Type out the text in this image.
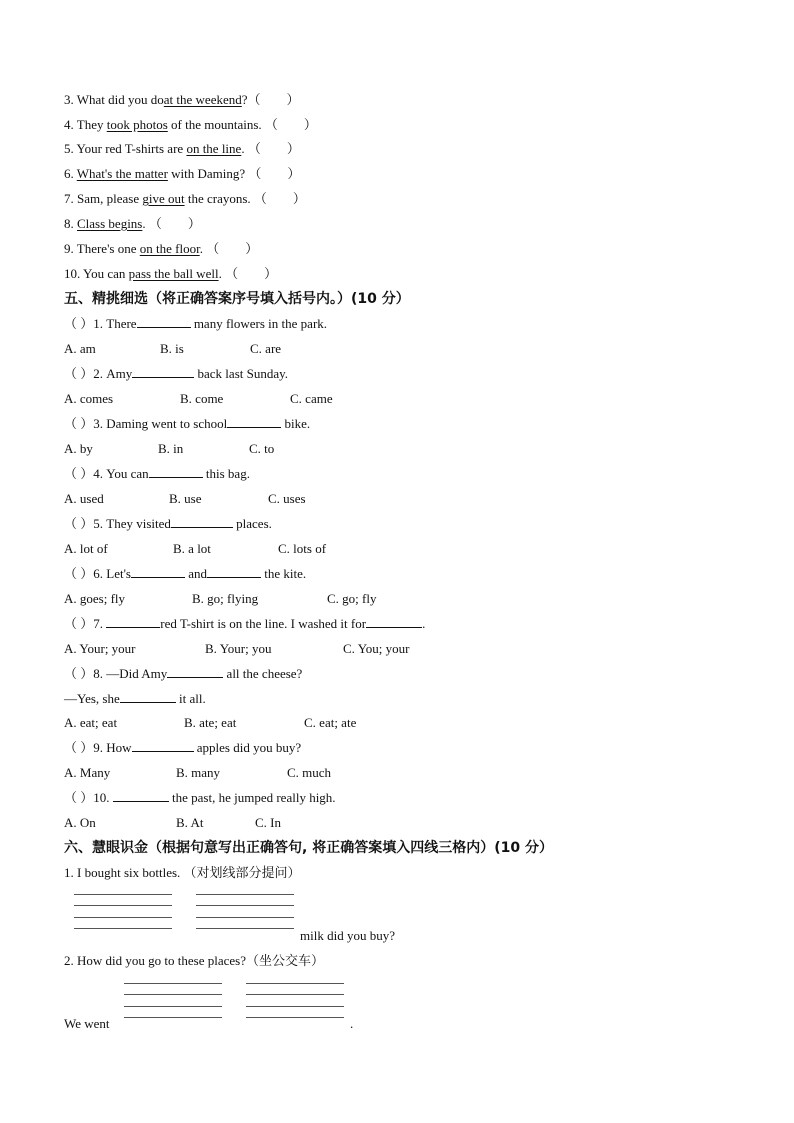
3. What did you doat the weekend?（ ）
4. They took photos of the mountains. （ ）
5. Your red T-shirts are on the line. （ ）
6. What's the matter with Daming? （ ）
7. Sam, please give out the crayons. （ ）
8. Class begins. （ ）
9. There's one on the floor. （ ）
10. You can pass the ball well. （ ）
五、精挑细选（将正确答案序号填入括号内。）(10 分）
（ ）1. There	many flowers in the park.
A. am	B. is	C. are
（ ）2. Amy	back last Sunday.
A. comes	B. come	C. came
（ ）3. Daming went to school	bike.
A. by	B. in	C. to
（ ）4. You can	this bag.
A. used	B. use	C. uses
（ ）5. They visited	places.
A. lot of	B. a lot	C. lots of
（ ）6. Let's	and	the kite.
A. goes; fly	B. go; flying	C. go; fly
（ ）7.	red T-shirt is on the line. I washed it for	.
A. Your; your	B. Your; you	C. You; your
（ ）8. —Did Amy	all the cheese?
—Yes, she	it all.
A. eat; eat	B. ate; eat	C. eat; ate
（ ）9. How	apples did you buy?
A. Many	B. many	C. much
（ ）10.	the past, he jumped really high.
A. On	B. At	C. In
六、慧眼识金（根据句意写出正确答句, 将正确答案填入四线三格内）(10 分）
1. I bought six bottles. （对划线部分提问）
milk did you buy?
2. How did you go to these places?（坐公交车）
We went	.
